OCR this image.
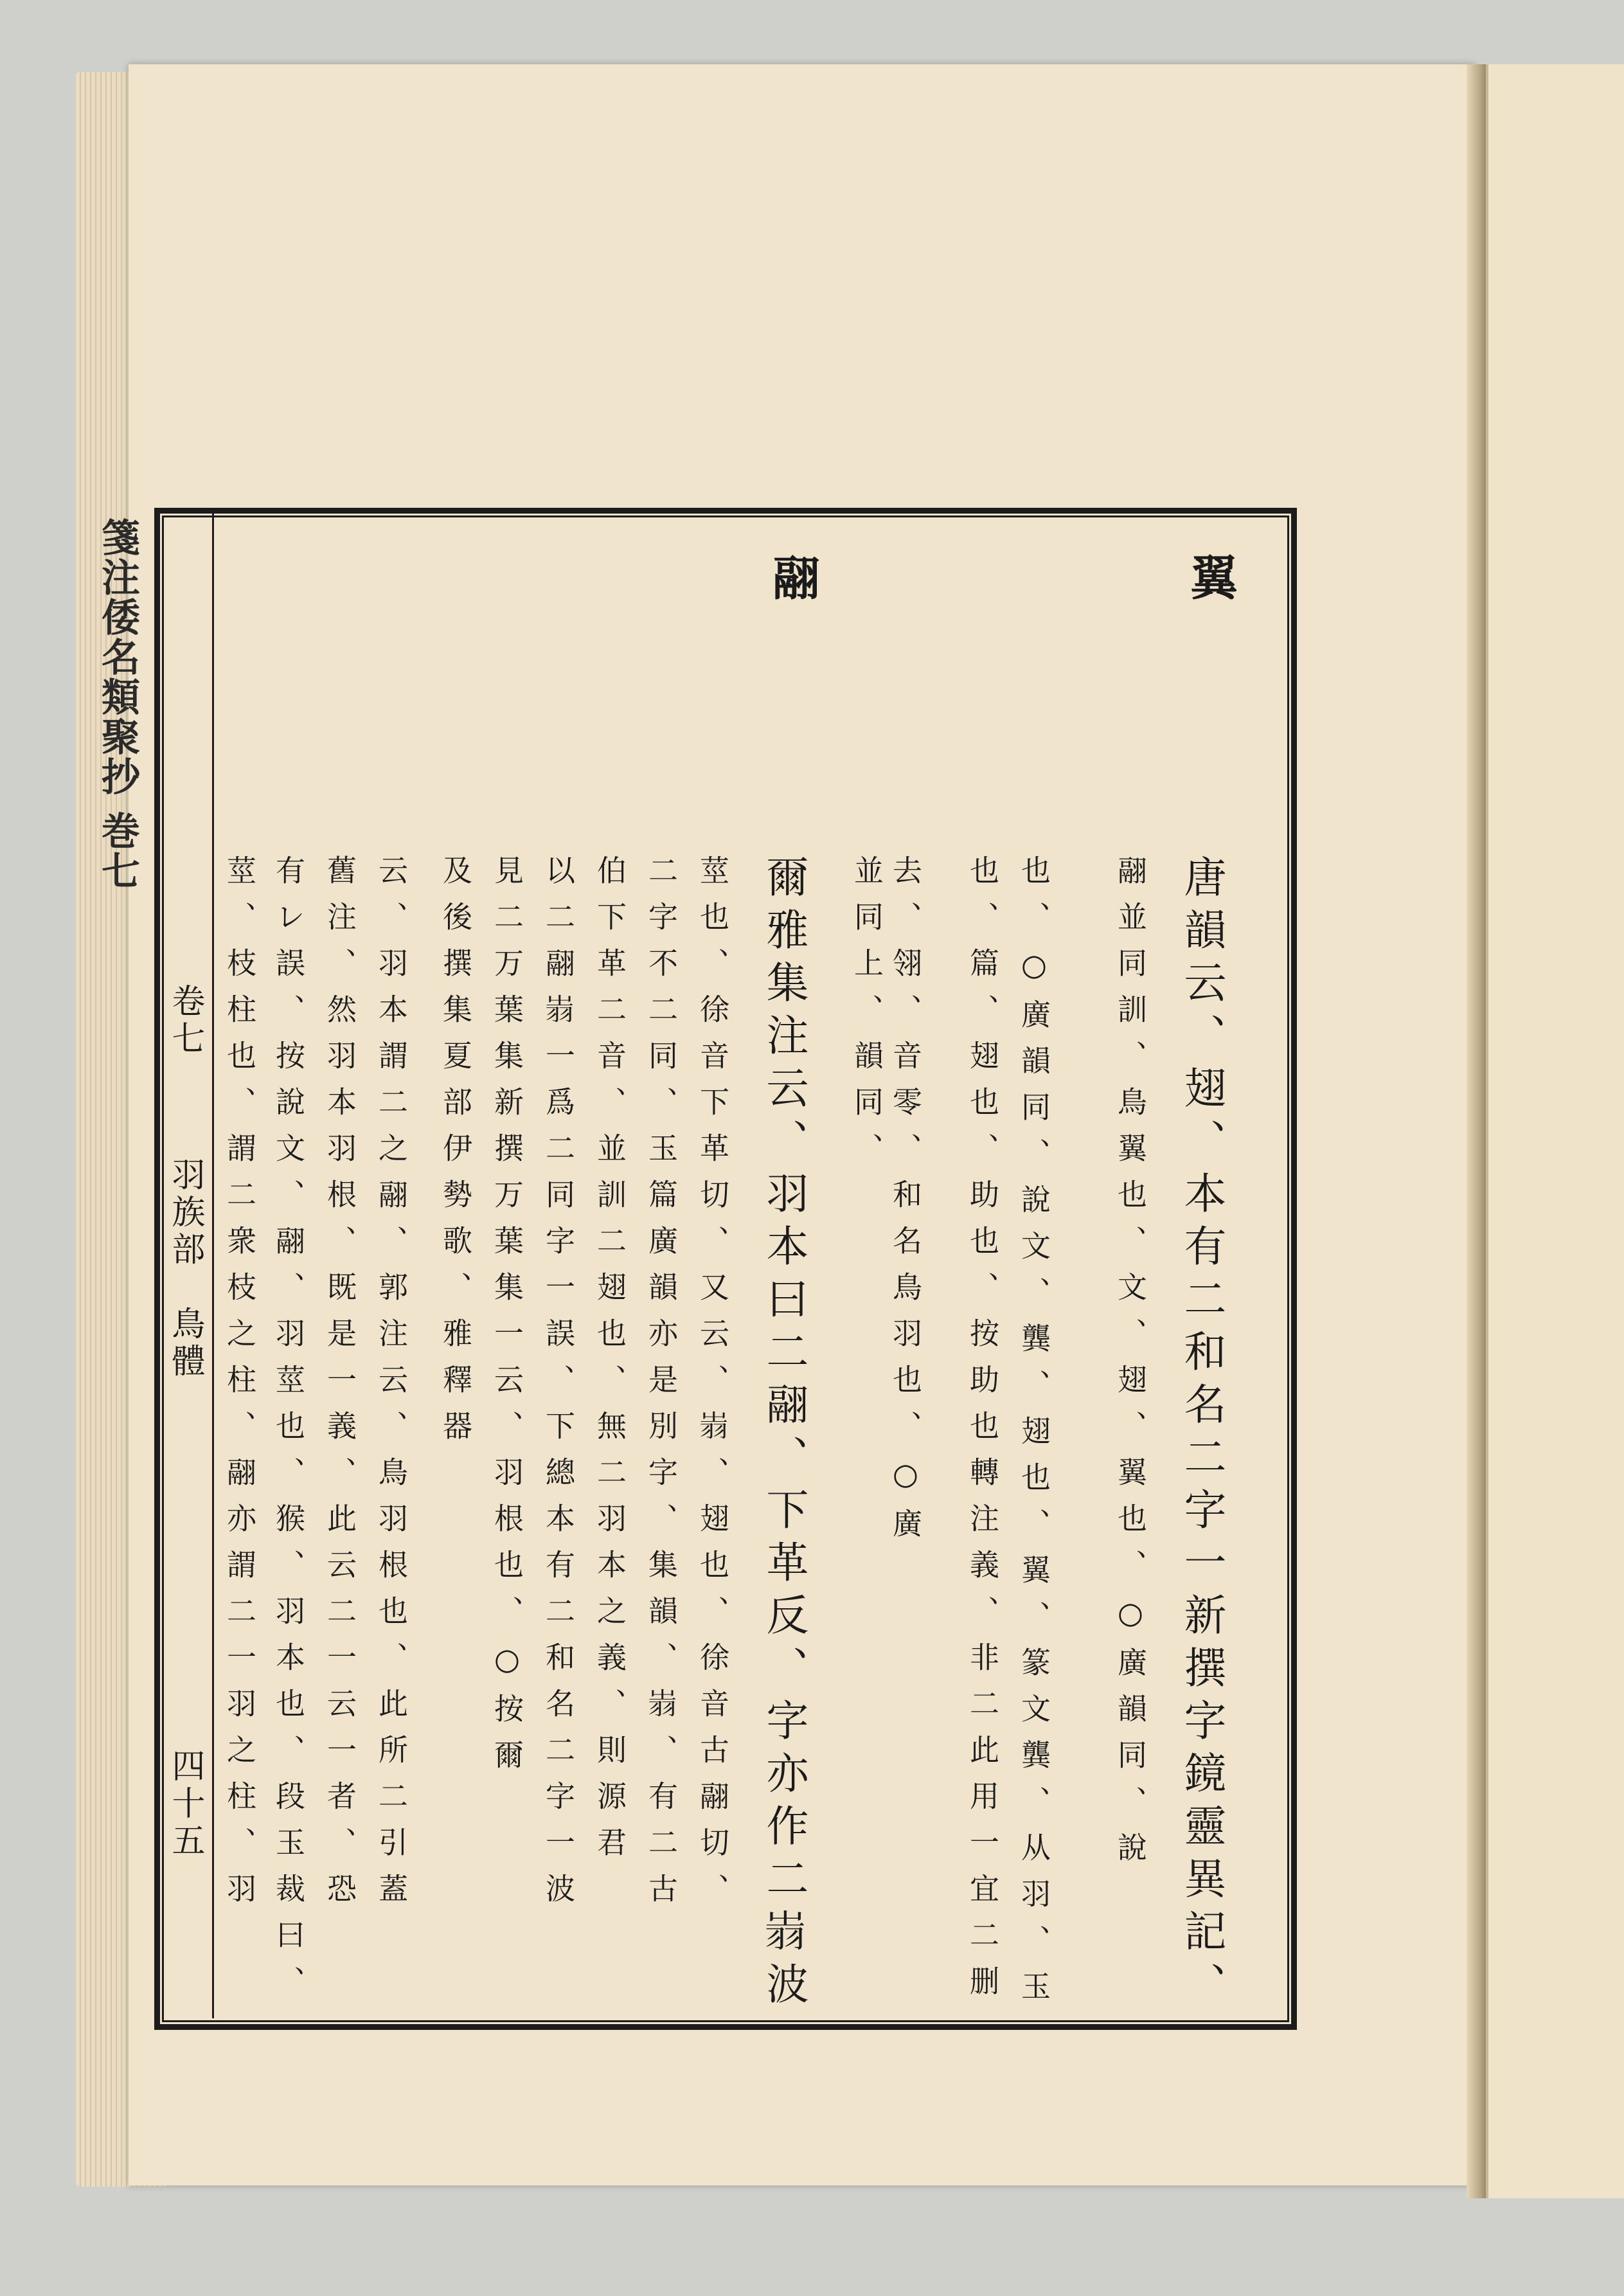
箋注倭名類聚抄 巻七
卷七
羽族部　鳥體
四十五

翼
翮
唐韻云、翅、本有二和名二字一新撰字鏡靈異記、
翮並同訓、鳥翼也、文、翅、翼也、○廣韻同、說
也、○廣韻同、說文、龔、翅也、翼、篆文龔、从羽、玉
也、篇、翅也、助也、按助也轉注義、非二此用一宜二删
去、翎、音零、和名鳥羽也、○廣
並同上、韻同、
爾雅集注云、羽本曰二翮、下革反、字亦作二𦐉波
莖也、徐音下革切、又云、𦐉、翅也、徐音古翮切、
二字不二同、玉篇廣韻亦是別字、集韻、𦐉、有二古
伯下革二音、並訓二翅也、無二羽本之義、則源君
以二翮𦐉一爲二同字一誤、下總本有二和名二字一波
見二万葉集新撰万葉集一云、羽根也、○按爾
及後撰集夏部伊勢歌、雅釋器
云、羽本謂二之翮、郭注云、鳥羽根也、此所二引蓋
舊注、然羽本羽根、既是一義、此云二一云一者、恐
有レ誤、按說文、翮、羽莖也、猴、羽本也、段玉裁曰、
莖、枝柱也、謂二衆枝之柱、翮亦謂二一羽之柱、羽
